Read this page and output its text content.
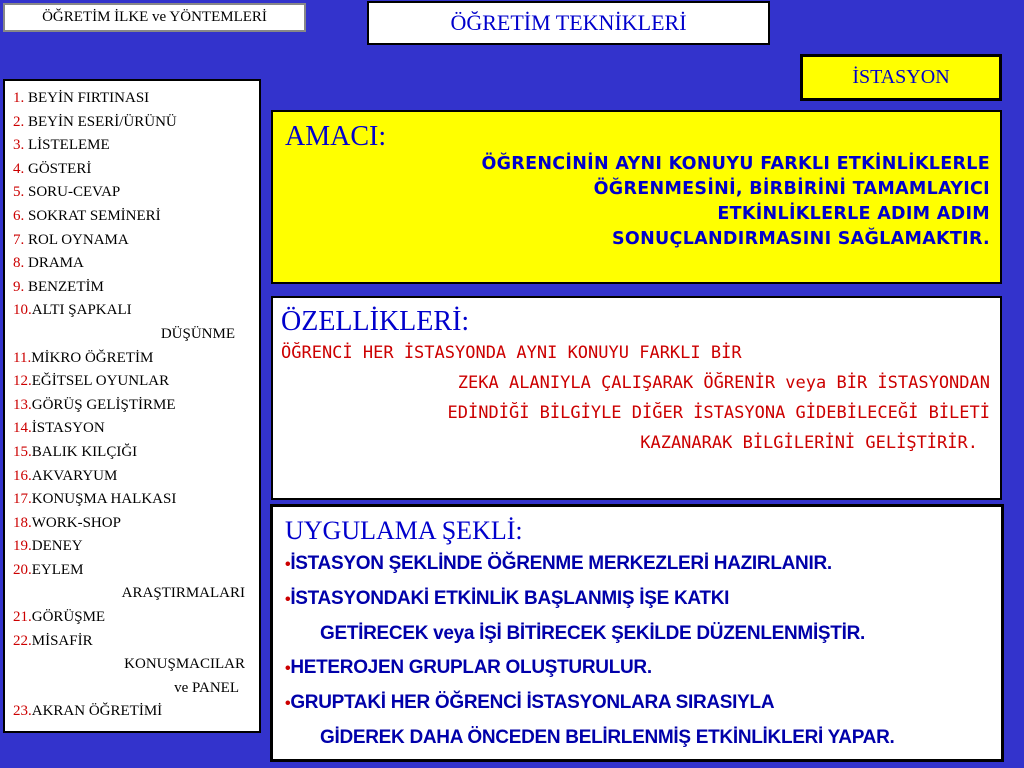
ÖĞRETİM İLKE ve YÖNTEMLERİ	ÖĞRETİM TEKNİKLERİ
İSTASYON
1. BEYİN FIRTINASI
2. BEYİN ESERİ/ÜRÜNÜ
3. LİSTELEME
4. GÖSTERİ
5. SORU-CEVAP
6. SOKRAT SEMİNERİ
7. ROL OYNAMA
8. DRAMA
9. BENZETİM
10.ALTI ŞAPKALI
DÜŞÜNME
11.MİKRO ÖĞRETİM
12.EĞİTSEL OYUNLAR
13.GÖRÜŞ GELİŞTİRME
14.İSTASYON
15.BALIK KILÇIĞI
16.AKVARYUM
17.KONUŞMA HALKASI
18.WORK-SHOP
19.DENEY
20.EYLEM
ARAŞTIRMALARI
21.GÖRÜŞME
22.MİSAFİR
KONUŞMACILAR
ve PANEL
23.AKRAN ÖĞRETİMİ
AMACI:
ÖĞRENCİNİN AYNI KONUYU FARKLI ETKİNLİKLERLE
ÖĞRENMESİNİ, BİRBİRİNİ TAMAMLAYICI
ETKİNLİKLERLE ADIM ADIM
SONUÇLANDIRMASINI SAĞLAMAKTIR.
ÖZELLİKLERİ:
ÖĞRENCİ HER İSTASYONDA AYNI KONUYU FARKLI BİR
ZEKA ALANIYLA ÇALIŞARAK ÖĞRENİR veya BİR İSTASYONDAN
EDİNDİĞİ BİLGİYLE DİĞER İSTASYONA GİDEBİLECEĞİ BİLETİ
KAZANARAK BİLGİLERİNİ GELİŞTİRİR.
UYGULAMA ŞEKLİ:
•İSTASYON ŞEKLİNDE ÖĞRENME MERKEZLERİ HAZIRLANIR.
•İSTASYONDAKİ ETKİNLİK BAŞLANMIŞ İŞE KATKI
GETİRECEK veya İŞİ BİTİRECEK ŞEKİLDE DÜZENLENMİŞTİR.
•HETEROJEN GRUPLAR OLUŞTURULUR.
•GRUPTAKİ HER ÖĞRENCİ İSTASYONLARA SIRASIYLA
GİDEREK DAHA ÖNCEDEN BELİRLENMİŞ ETKİNLİKLERİ YAPAR.
